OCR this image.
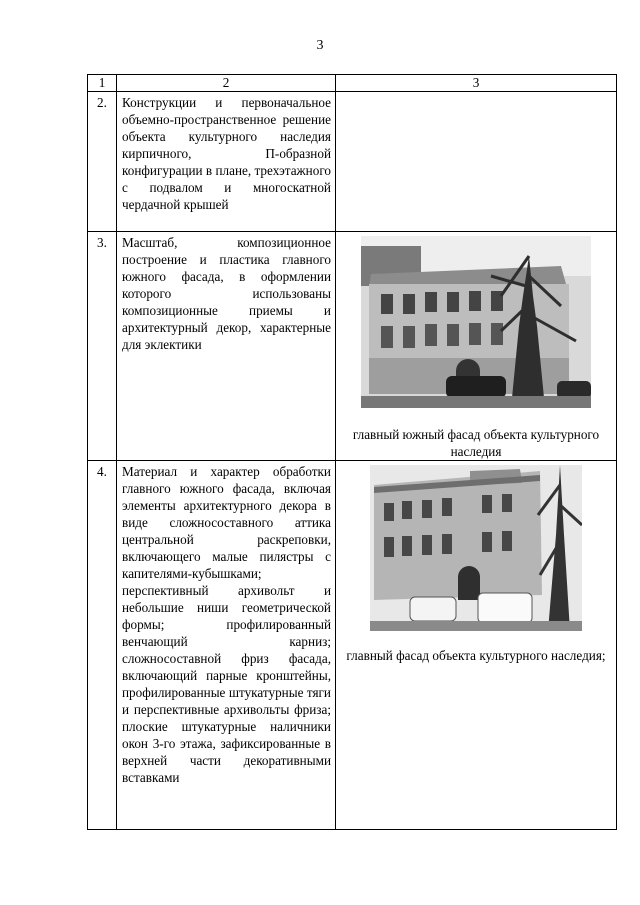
3
1	2	3
2.	Конструкции и первоначальное объемно-пространственное решение объекта культурного наследия кирпичного, П-образной конфигурации в плане, трехэтажного с подвалом и многоскатной чердачной крышей	
3.	Масштаб, композиционное построение и пластика главного южного фасада, в оформлении которого использованы композиционные приемы и архитектурный декор, характерные для эклектики	главный южный фасад объекта культурного наследия

4.	Материал и характер обработки главного южного фасада, включая элементы архитектурного декора в виде сложносоставного аттика центральной раскреповки, включающего малые пилястры с капителями-кубышками; перспективный архивольт и небольшие ниши геометрической формы; профилированный венчающий карниз; сложносоставной фриз фасада, включающий парные кронштейны, профилированные штукатурные тяги и перспективные архивольты фриза; плоские штукатурные наличники окон 3-го этажа, зафиксированные в верхней части декоративными вставками	главный фасад объекта культурного наследия;
